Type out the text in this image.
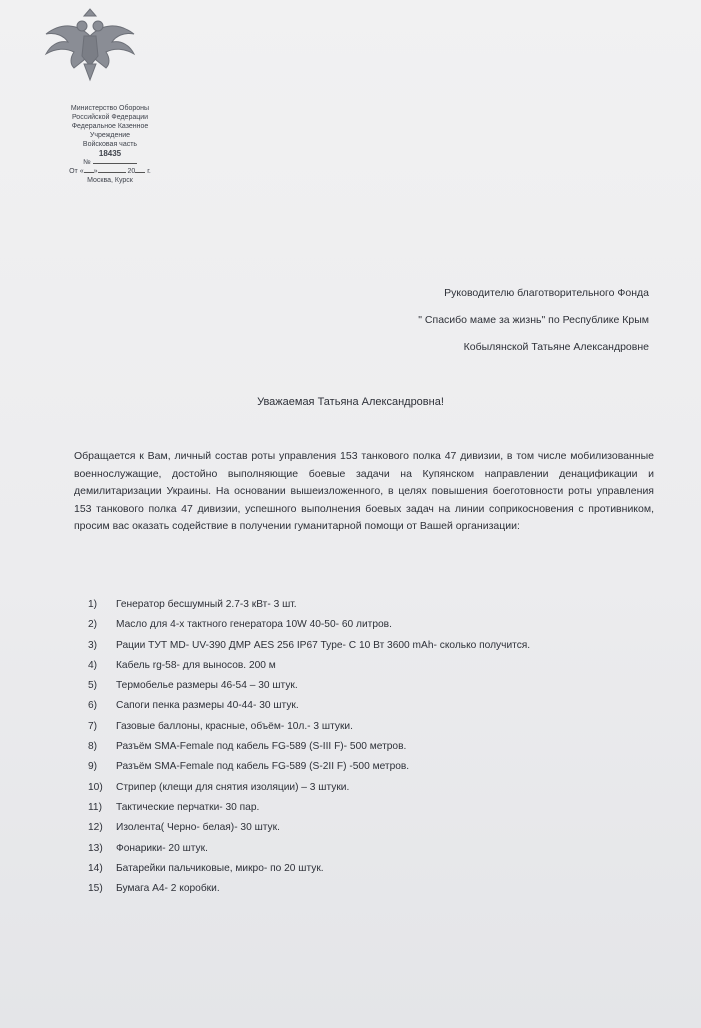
Министерство Обороны
Российской Федерации
Федеральное Казенное
Учреждение
Войсковая часть
18435
№
От « »	20 г.
Москва, Курск
Руководителю благотворительного Фонда
" Спасибо маме за жизнь" по Республике Крым
Кобылянской Татьяне Александровне
Уважаемая Татьяна Александровна!
Обращается к Вам, личный состав роты управления 153 танкового полка 47 дивизии, в том числе мобилизованные военнослужащие, достойно выполняющие боевые задачи на Купянском направлении денацификации и демилитаризации Украины. На основании вышеизложенного, в целях повышения боеготовности роты управления 153 танкового полка 47 дивизии, успешного выполнения боевых задач на линии соприкосновения с противником, просим вас оказать содействие в получении гуманитарной помощи от Вашей организации:
1)	Генератор бесшумный 2.7-3 кВт- 3 шт.
2)	Масло для 4-х тактного генератора 10W 40-50- 60 литров.
3)	Рации ТУТ MD- UV-390 ДМР AES 256 IP67 Type- C 10 Вт 3600 mAh- сколько получится.
4)	Кабель rg-58- для выносов. 200 м
5)	Термобелье размеры 46-54 – 30 штук.
6)	Сапоги пенка размеры 40-44- 30 штук.
7)	Газовые баллоны, красные, объём- 10л.- 3 штуки.
8)	Разъём SMA-Female под кабель FG-589 (S-III F)- 500 метров.
9)	Разъём SMA-Female под кабель FG-589 (S-2II F) -500 метров.
10)	Стрипер (клещи для снятия изоляции) – 3 штуки.
11)	Тактические перчатки- 30 пар.
12)	Изолента( Черно- белая)- 30 штук.
13)	Фонарики- 20 штук.
14)	Батарейки пальчиковые, микро- по 20 штук.
15)	Бумага А4- 2 коробки.
